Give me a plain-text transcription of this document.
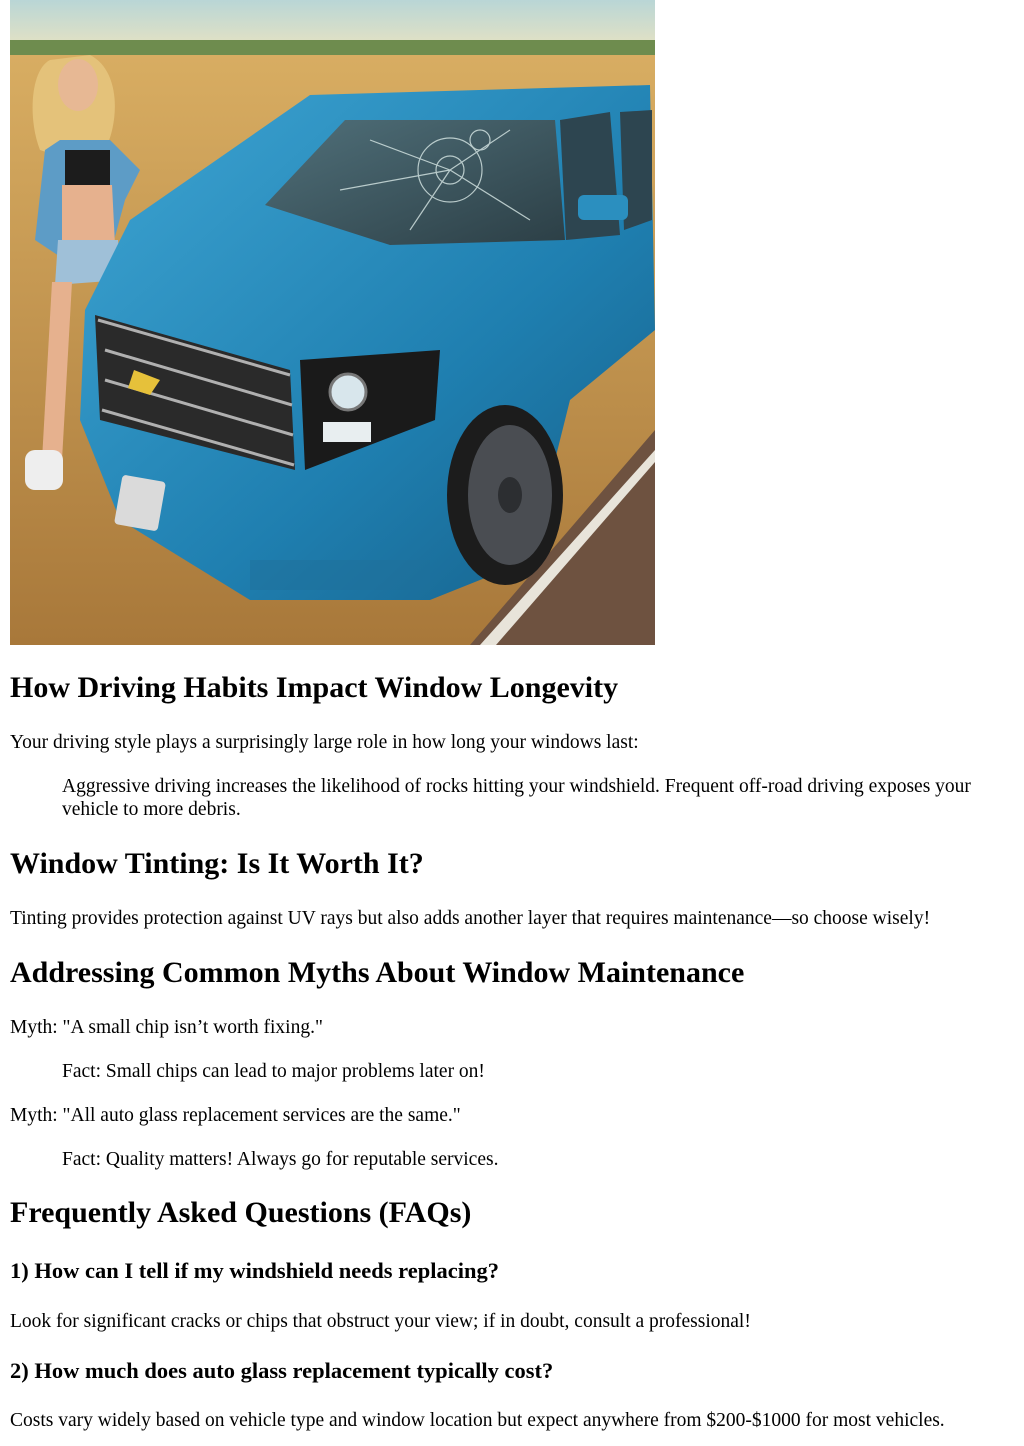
How Driving Habits Impact Window Longevity

Your driving style plays a surprisingly large role in how long your windows last:

Aggressive driving increases the likelihood of rocks hitting your windshield. Frequent off-road driving exposes your vehicle to more debris.

Window Tinting: Is It Worth It?

Tinting provides protection against UV rays but also adds another layer that requires maintenance—so choose wisely!

Addressing Common Myths About Window Maintenance

Myth: "A small chip isn’t worth fixing."

Fact: Small chips can lead to major problems later on!

Myth: "All auto glass replacement services are the same."

Fact: Quality matters! Always go for reputable services.

Frequently Asked Questions (FAQs)
1) How can I tell if my windshield needs replacing?

Look for significant cracks or chips that obstruct your view; if in doubt, consult a professional!

2) How much does auto glass replacement typically cost?

Costs vary widely based on vehicle type and window location but expect anywhere from $200-$1000 for most vehicles.
